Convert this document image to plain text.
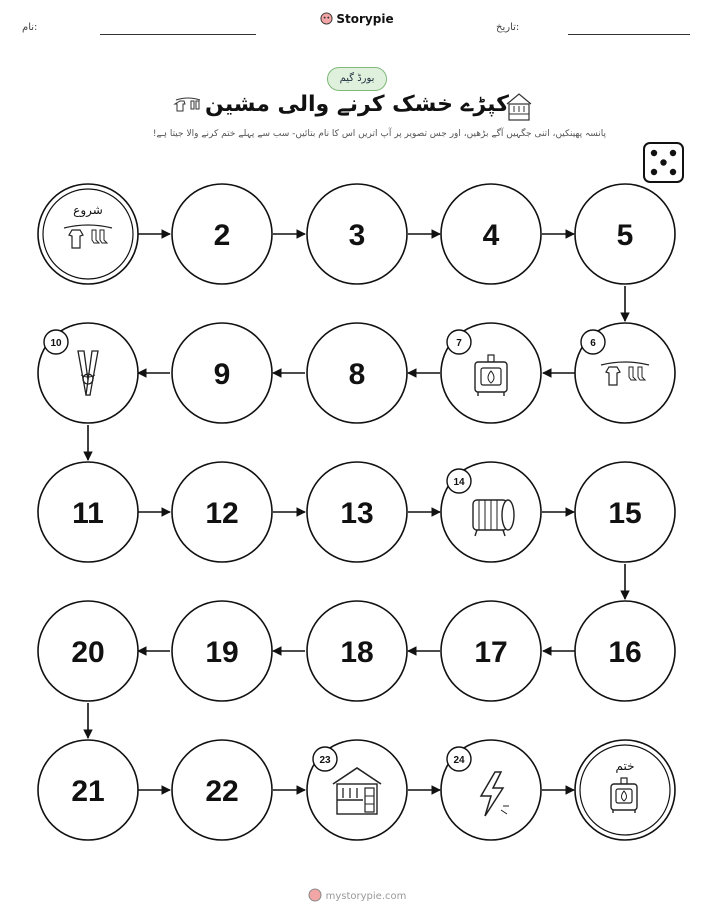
نام:
Storypie
تاریخ:
بورڈ گیم
کپڑے خشک کرنے والی مشین
پانسہ پھینکیں، اتنی جگہیں آگے بڑھیں، اور جس تصویر پر آپ اتریں اس کا نام بتائیں- سب سے پہلے ختم کرنے والا جیتا ہے!
شروع
ختم
2	3	4	5
6
7
8
9
10
11	12	13
14
15
16
17
18
19
20
21	22
23	24
mystorypie.com
